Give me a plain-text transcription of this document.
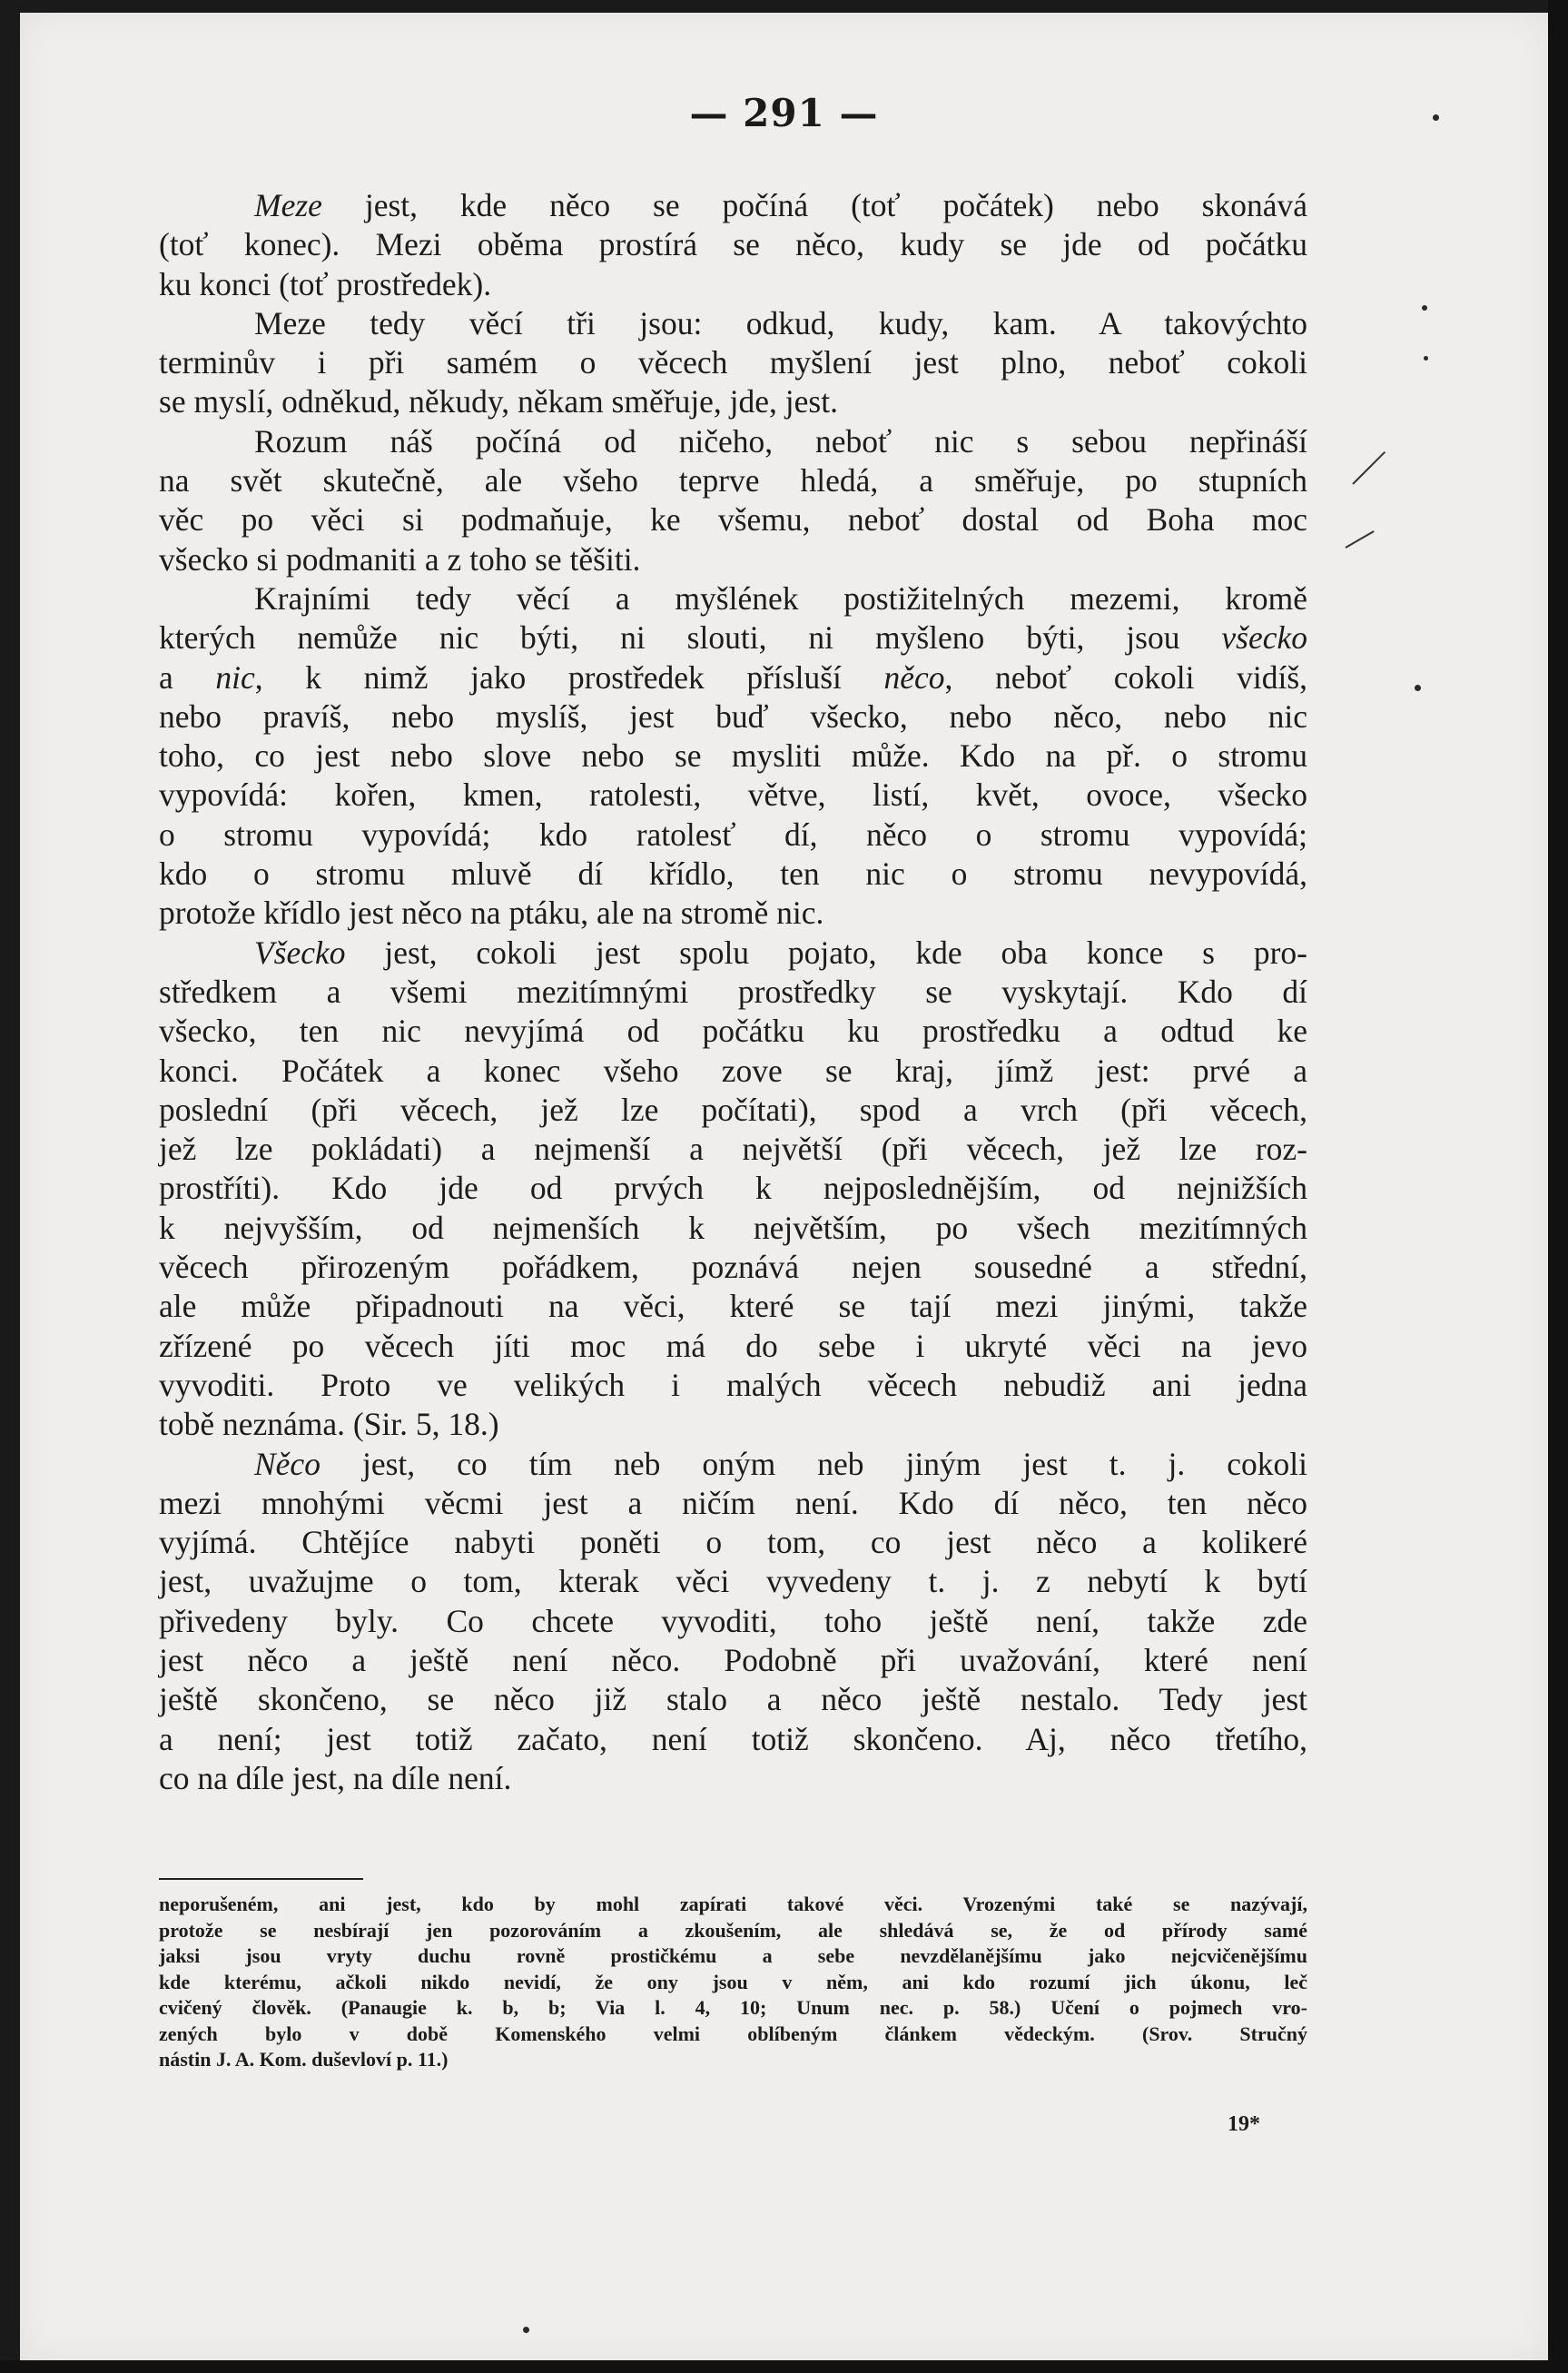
— 291 —
Meze jest, kde něco se počíná (toť počátek) nebo skonává
(toť konec). Mezi oběma prostírá se něco, kudy se jde od počátku
ku konci (toť prostředek).
Meze tedy věcí tři jsou: odkud, kudy, kam. A takovýchto
terminův i při samém o věcech myšlení jest plno, neboť cokoli
se myslí, odněkud, někudy, někam směřuje, jde, jest.
Rozum náš počíná od ničeho, neboť nic s sebou nepřináší
na svět skutečně, ale všeho teprve hledá, a směřuje, po stupních
věc po věci si podmaňuje, ke všemu, neboť dostal od Boha moc
všecko si podmaniti a z toho se těšiti.
Krajními tedy věcí a myšlének postižitelných mezemi, kromě
kterých nemůže nic býti, ni slouti, ni myšleno býti, jsou všecko
a nic, k nimž jako prostředek přísluší něco, neboť cokoli vidíš,
nebo pravíš, nebo myslíš, jest buď všecko, nebo něco, nebo nic
toho, co jest nebo slove nebo se mysliti může. Kdo na př. o stromu
vypovídá: kořen, kmen, ratolesti, větve, listí, květ, ovoce, všecko
o stromu vypovídá; kdo ratolesť dí, něco o stromu vypovídá;
kdo o stromu mluvě dí křídlo, ten nic o stromu nevypovídá,
protože křídlo jest něco na ptáku, ale na stromě nic.
Všecko jest, cokoli jest spolu pojato, kde oba konce s pro-
středkem a všemi mezitímnými prostředky se vyskytají. Kdo dí
všecko, ten nic nevyjímá od počátku ku prostředku a odtud ke
konci. Počátek a konec všeho zove se kraj, jímž jest: prvé a
poslední (při věcech, jež lze počítati), spod a vrch (při věcech,
jež lze pokládati) a nejmenší a největší (při věcech, jež lze roz-
prostříti). Kdo jde od prvých k nejposlednějším, od nejnižších
k nejvyšším, od nejmenších k největším, po všech mezitímných
věcech přirozeným pořádkem, poznává nejen sousedné a střední,
ale může připadnouti na věci, které se tají mezi jinými, takže
zřízené po věcech jíti moc má do sebe i ukryté věci na jevo
vyvoditi. Proto ve velikých i malých věcech nebudiž ani jedna
tobě neznáma. (Sir. 5, 18.)
Něco jest, co tím neb oným neb jiným jest t. j. cokoli
mezi mnohými věcmi jest a ničím není. Kdo dí něco, ten něco
vyjímá. Chtějíce nabyti poněti o tom, co jest něco a kolikeré
jest, uvažujme o tom, kterak věci vyvedeny t. j. z nebytí k bytí
přivedeny byly. Co chcete vyvoditi, toho ještě není, takže zde
jest něco a ještě není něco. Podobně při uvažování, které není
ještě skončeno, se něco již stalo a něco ještě nestalo. Tedy jest
a není; jest totiž začato, není totiž skončeno. Aj, něco třetího,
co na díle jest, na díle není.
neporušeném, ani jest, kdo by mohl zapírati takové věci. Vrozenými také se nazývají,
protože se nesbírají jen pozorováním a zkoušením, ale shledává se, že od přírody samé
jaksi jsou vryty duchu rovně prostičkému a sebe nevzdělanějšímu jako nejcvičenějšímu
kde kterému, ačkoli nikdo nevidí, že ony jsou v něm, ani kdo rozumí jich úkonu, leč
cvičený člověk. (Panaugie k. b, b; Via l. 4, 10; Unum nec. p. 58.) Učení o pojmech vro-
zených bylo v době Komenského velmi oblíbeným článkem vědeckým. (Srov. Stručný
nástin J. A. Kom. duševloví p. 11.)
19*
